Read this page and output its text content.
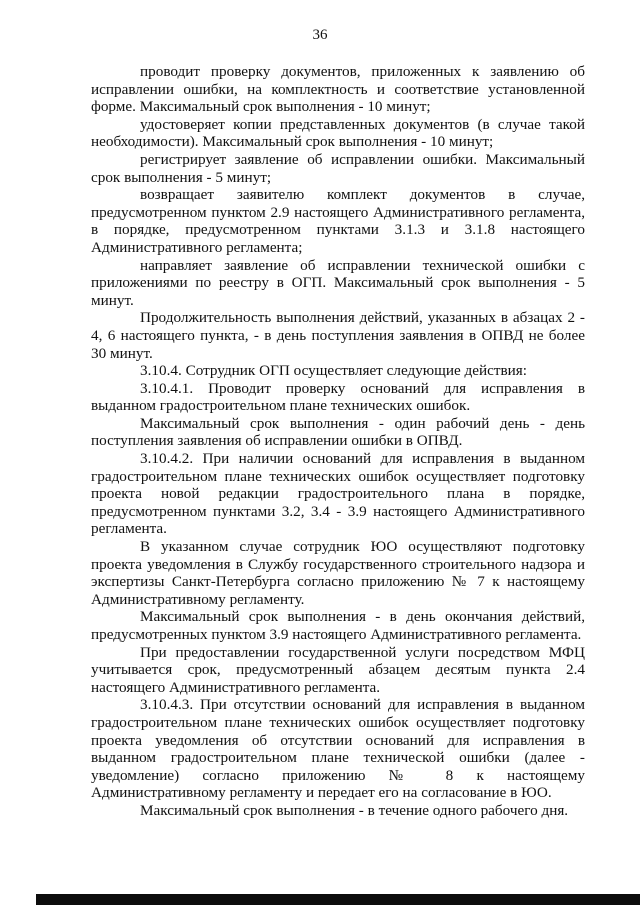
36

проводит проверку документов, приложенных к заявлению об исправлении ошибки, на комплектность и соответствие установленной форме. Максимальный срок выполнения - 10 минут;

удостоверяет копии представленных документов (в случае такой необходимости). Максимальный срок выполнения - 10 минут;

регистрирует заявление об исправлении ошибки. Максимальный срок выполнения - 5 минут;

возвращает заявителю комплект документов в случае, предусмотренном пунктом 2.9 настоящего Административного регламента, в порядке, предусмотренном пунктами 3.1.3 и 3.1.8 настоящего Административного регламента;

направляет заявление об исправлении технической ошибки с приложениями по реестру в ОГП. Максимальный срок выполнения - 5 минут.

Продолжительность выполнения действий, указанных в абзацах 2 - 4, 6 настоящего пункта, - в день поступления заявления в ОПВД не более 30 минут.

3.10.4. Сотрудник ОГП осуществляет следующие действия:

3.10.4.1. Проводит проверку оснований для исправления в выданном градостроительном плане технических ошибок.

Максимальный срок выполнения - один рабочий день - день поступления заявления об исправлении ошибки в ОПВД.

3.10.4.2. При наличии оснований для исправления в выданном градостроительном плане технических ошибок осуществляет подготовку проекта новой редакции градостроительного плана в порядке, предусмотренном пунктами 3.2, 3.4 - 3.9 настоящего Административного регламента.

В указанном случае сотрудник ЮО осуществляют подготовку проекта уведомления в Службу государственного строительного надзора и экспертизы Санкт-Петербурга согласно приложению № 7 к настоящему Административному регламенту.

Максимальный срок выполнения - в день окончания действий, предусмотренных пунктом 3.9 настоящего Административного регламента.

При предоставлении государственной услуги посредством МФЦ учитывается срок, предусмотренный абзацем десятым пункта 2.4 настоящего Административного регламента.

3.10.4.3. При отсутствии оснований для исправления в выданном градостроительном плане технических ошибок осуществляет подготовку проекта уведомления об отсутствии оснований для исправления в выданном градостроительном плане технической ошибки (далее - уведомление) согласно приложению № 8 к настоящему Административному регламенту и передает его на согласование в ЮО.

Максимальный срок выполнения - в течение одного рабочего дня.
